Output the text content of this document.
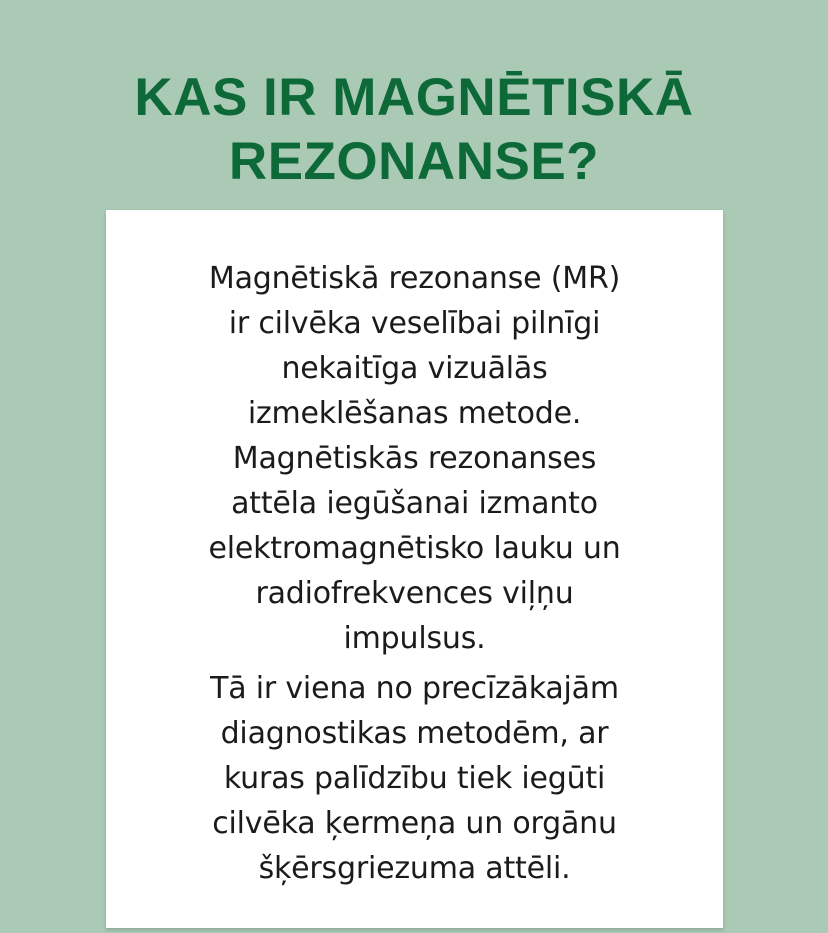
KAS IR MAGNĒTISKĀ
REZONANSE?
Magnētiskā rezonanse (MR)
ir cilvēka veselībai pilnīgi
nekaitīga vizuālās
izmeklēšanas metode.
Magnētiskās rezonanses
attēla iegūšanai izmanto
elektromagnētisko lauku un
radiofrekvences viļņu
impulsus.
Tā ir viena no precīzākajām
diagnostikas metodēm, ar
kuras palīdzību tiek iegūti
cilvēka ķermeņa un orgānu
šķērsgriezuma attēli.
